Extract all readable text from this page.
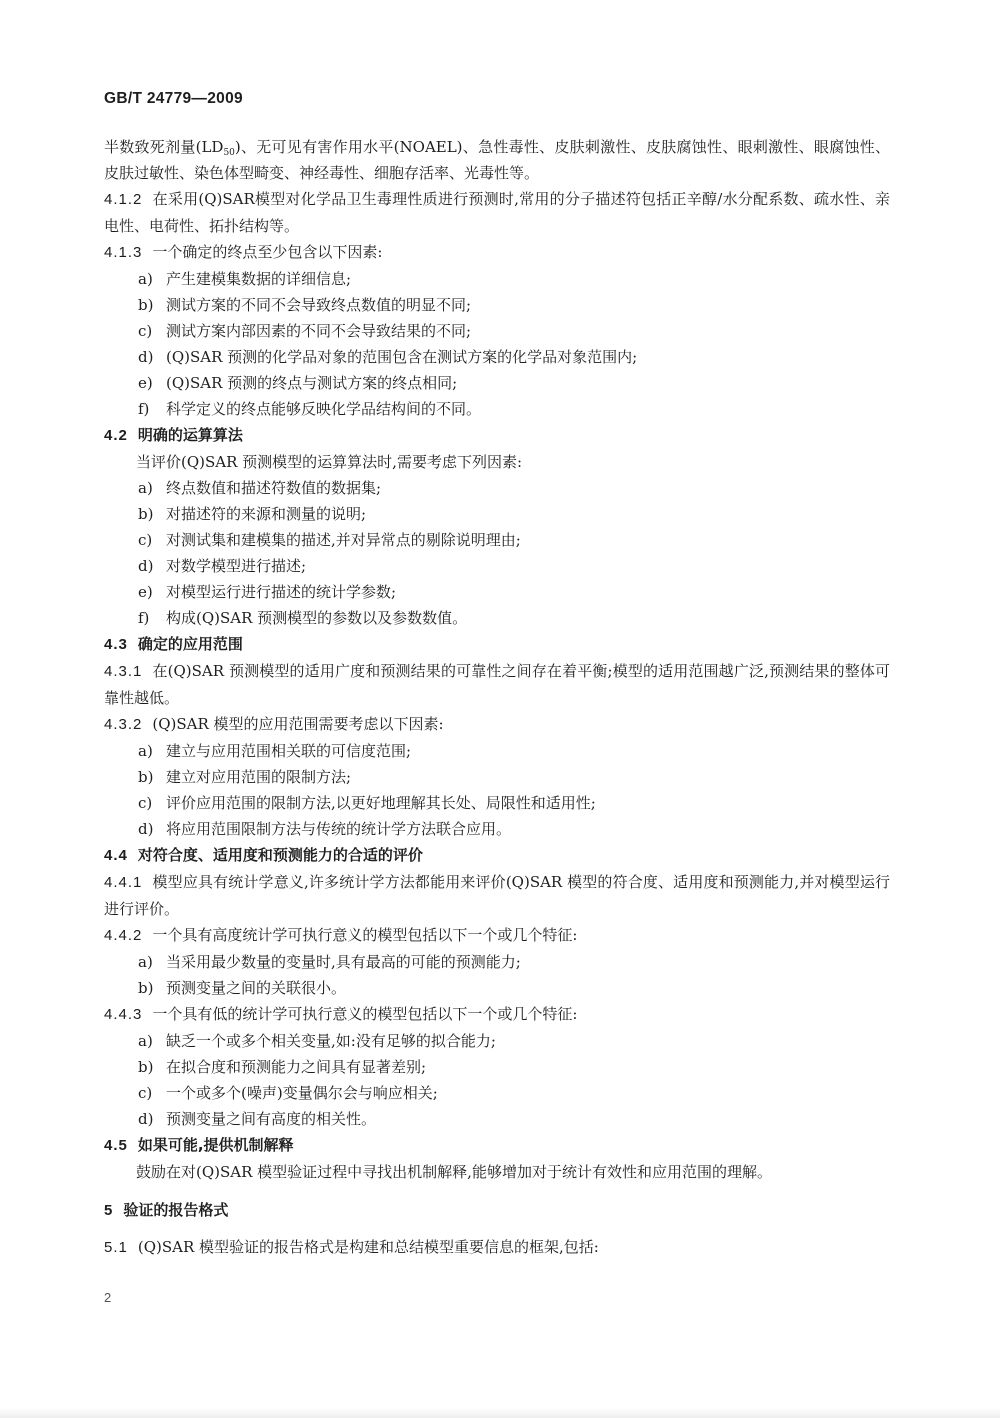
GB/T 24779—2009

半数致死剂量$(LD_{50})$、无可见有害作用水平(NOAEL)、急性毒性、皮肤刺激性、皮肤腐蚀性、眼刺激性、眼腐蚀性、皮肤过敏性、染色体型畸变、神经毒性、细胞存活率、光毒性等。

4.1.2 在采用(Q)SAR模型对化学品卫生毒理性质进行预测时,常用的分子描述符包括正辛醇/水分配系数、疏水性、亲电性、电荷性、拓扑结构等。

4.1.3 一个确定的终点至少包含以下因素:

a) 产生建模集数据的详细信息;

b) 测试方案的不同不会导致终点数值的明显不同;

c) 测试方案内部因素的不同不会导致结果的不同;

d) (Q)SAR 预测的化学品对象的范围包含在测试方案的化学品对象范围内;

e) (Q)SAR 预测的终点与测试方案的终点相同;

f) 科学定义的终点能够反映化学品结构间的不同。

4.2 明确的运算算法

当评价(Q)SAR 预测模型的运算算法时,需要考虑下列因素:

a) 终点数值和描述符数值的数据集;

b) 对描述符的来源和测量的说明;

c) 对测试集和建模集的描述,并对异常点的剔除说明理由;

d) 对数学模型进行描述;

e) 对模型运行进行描述的统计学参数;

f) 构成(Q)SAR 预测模型的参数以及参数数值。

4.3 确定的应用范围

4.3.1 在(Q)SAR 预测模型的适用广度和预测结果的可靠性之间存在着平衡;模型的适用范围越广泛,预测结果的整体可靠性越低。

4.3.2 (Q)SAR 模型的应用范围需要考虑以下因素:

a) 建立与应用范围相关联的可信度范围;

b) 建立对应用范围的限制方法;

c) 评价应用范围的限制方法,以更好地理解其长处、局限性和适用性;

d) 将应用范围限制方法与传统的统计学方法联合应用。

4.4 对符合度、适用度和预测能力的合适的评价

4.4.1 模型应具有统计学意义,许多统计学方法都能用来评价(Q)SAR 模型的符合度、适用度和预测能力,并对模型运行进行评价。

4.4.2 一个具有高度统计学可执行意义的模型包括以下一个或几个特征:

a) 当采用最少数量的变量时,具有最高的可能的预测能力;

b) 预测变量之间的关联很小。

4.4.3 一个具有低的统计学可执行意义的模型包括以下一个或几个特征:

a) 缺乏一个或多个相关变量,如:没有足够的拟合能力;

b) 在拟合度和预测能力之间具有显著差别;

c) 一个或多个(噪声)变量偶尔会与响应相关;

d) 预测变量之间有高度的相关性。

4.5 如果可能,提供机制解释

鼓励在对(Q)SAR 模型验证过程中寻找出机制解释,能够增加对于统计有效性和应用范围的理解。

5 验证的报告格式

5.1 (Q)SAR 模型验证的报告格式是构建和总结模型重要信息的框架,包括:

2
